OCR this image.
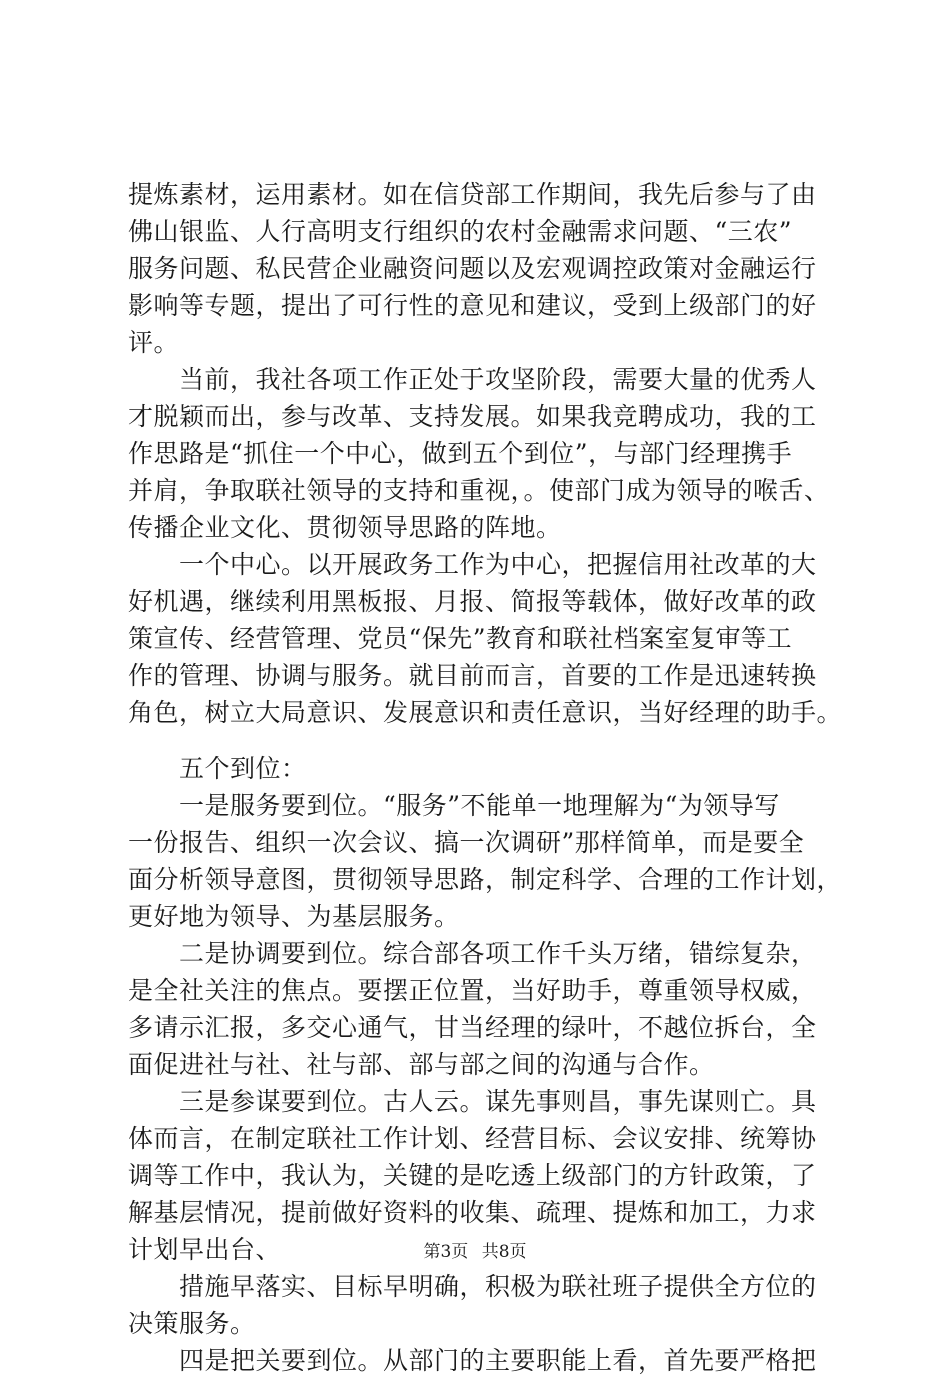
提炼素材，运用素材。如在信贷部工作期间，我先后参与了由
佛山银监、人行高明支行组织的农村金融需求问题、“三农”
服务问题、私民营企业融资问题以及宏观调控政策对金融运行
影响等专题，提出了可行性的意见和建议，受到上级部门的好
评。
当前，我社各项工作正处于攻坚阶段，需要大量的优秀人
才脱颖而出，参与改革、支持发展。如果我竞聘成功，我的工
作思路是“抓住一个中心，做到五个到位”，与部门经理携手
并肩，争取联社领导的支持和重视，。使部门成为领导的喉舌、
传播企业文化、贯彻领导思路的阵地。
一个中心。以开展政务工作为中心，把握信用社改革的大
好机遇，继续利用黑板报、月报、简报等载体，做好改革的政
策宣传、经营管理、党员“保先”教育和联社档案室复审等工
作的管理、协调与服务。就目前而言，首要的工作是迅速转换
角色，树立大局意识、发展意识和责任意识，当好经理的助手。
五个到位：
一是服务要到位。“服务”不能单一地理解为“为领导写
一份报告、组织一次会议、搞一次调研”那样简单，而是要全
面分析领导意图，贯彻领导思路，制定科学、合理的工作计划，
更好地为领导、为基层服务。
二是协调要到位。综合部各项工作千头万绪，错综复杂，
是全社关注的焦点。要摆正位置，当好助手，尊重领导权威，
多请示汇报，多交心通气，甘当经理的绿叶，不越位拆台，全
面促进社与社、社与部、部与部之间的沟通与合作。
三是参谋要到位。古人云。谋先事则昌，事先谋则亡。具
体而言，在制定联社工作计划、经营目标、会议安排、统筹协
调等工作中，我认为，关键的是吃透上级部门的方针政策，了
解基层情况，提前做好资料的收集、疏理、提炼和加工，力求
计划早出台、
措施早落实、目标早明确，积极为联社班子提供全方位的
决策服务。
四是把关要到位。从部门的主要职能上看，首先要严格把
第3页 共8页
